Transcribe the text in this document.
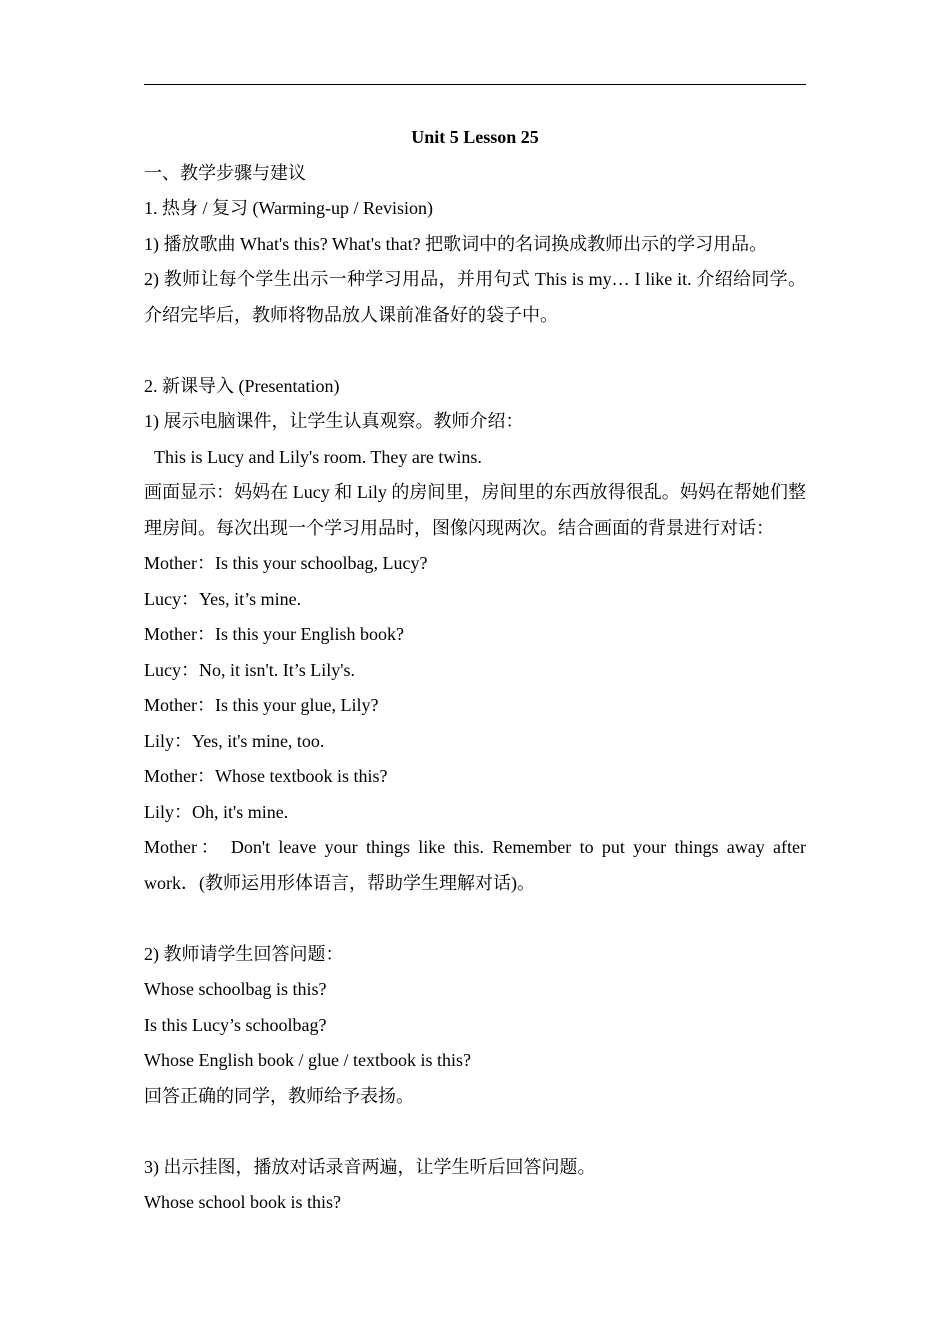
Unit 5 Lesson 25
一、教学步骤与建议
1. 热身 / 复习 (Warming-up / Revision)
1) 播放歌曲 What's this? What's that? 把歌词中的名词换成教师出示的学习用品。
2) 教师让每个学生出示一种学习用品，并用句式 This is my… I like it. 介绍给同学。介绍完毕后，教师将物品放人课前准备好的袋子中。
2. 新课导入 (Presentation)
1) 展示电脑课件，让学生认真观察。教师介绍：
This is Lucy and Lily's room. They are twins.
画面显示：妈妈在 Lucy 和 Lily 的房间里，房间里的东西放得很乱。妈妈在帮她们整理房间。每次出现一个学习用品时，图像闪现两次。结合画面的背景进行对话：
Mother：Is this your schoolbag, Lucy?
Lucy：Yes, it’s mine.
Mother：Is this your English book?
Lucy：No, it isn't. It’s Lily's.
Mother：Is this your glue, Lily?
Lily：Yes, it's mine, too.
Mother：Whose textbook is this?
Lily：Oh, it's mine.
Mother： Don't leave your things like this. Remember to put your things away after work．(教师运用形体语言，帮助学生理解对话)。
2) 教师请学生回答问题：
Whose schoolbag is this?
Is this Lucy’s schoolbag?
Whose English book / glue / textbook is this?
回答正确的同学，教师给予表扬。
3) 出示挂图，播放对话录音两遍，让学生听后回答问题。
Whose school book is this?
